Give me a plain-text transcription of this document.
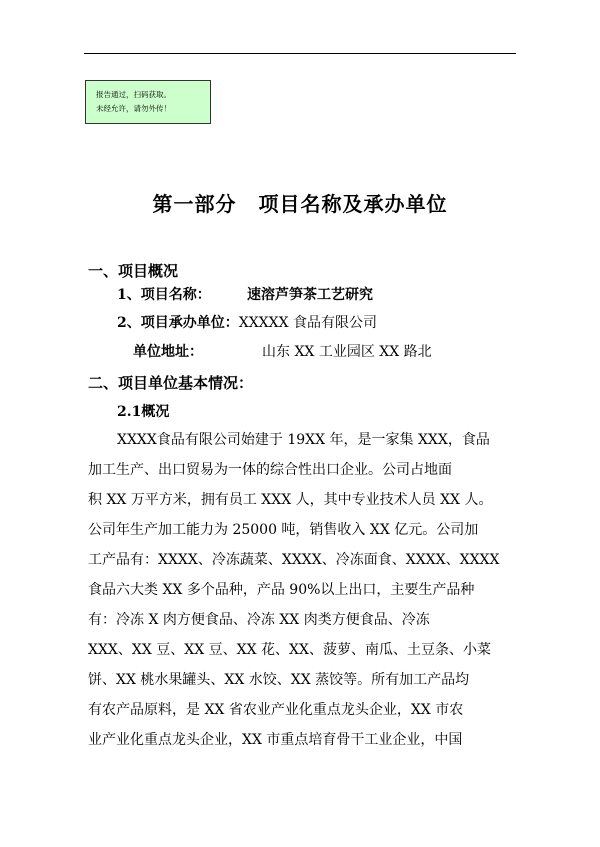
报告通过，扫码获取。
未经允许，请勿外传！
第一部分 项目名称及承办单位
一、项目概况
1、项目名称：	速溶芦笋茶工艺研究
2、项目承办单位：XXXXX 食品有限公司
单位地址：	山东 XX 工业园区 XX 路北
二、项目单位基本情况：
2.1概况
XXXX食品有限公司始建于 19XX 年，是一家集 XXX，食品
加工生产、出口贸易为一体的综合性出口企业。公司占地面
积 XX 万平方米，拥有员工 XXX 人，其中专业技术人员 XX 人。
公司年生产加工能力为 25000 吨，销售收入 XX 亿元。公司加
工产品有：XXXX、冷冻蔬菜、XXXX、冷冻面食、XXXX、XXXX
食品六大类 XX 多个品种，产品 90%以上出口，主要生产品种
有：冷冻 X 肉方便食品、冷冻 XX 肉类方便食品、冷冻
XXX、XX 豆、XX 豆、XX 花、XX、菠萝、南瓜、土豆条、小菜
饼、XX 桃水果罐头、XX 水饺、XX 蒸饺等。所有加工产品均
有农产品原料，是 XX 省农业产业化重点龙头企业，XX 市农
业产业化重点龙头企业，XX 市重点培育骨干工业企业，中国
